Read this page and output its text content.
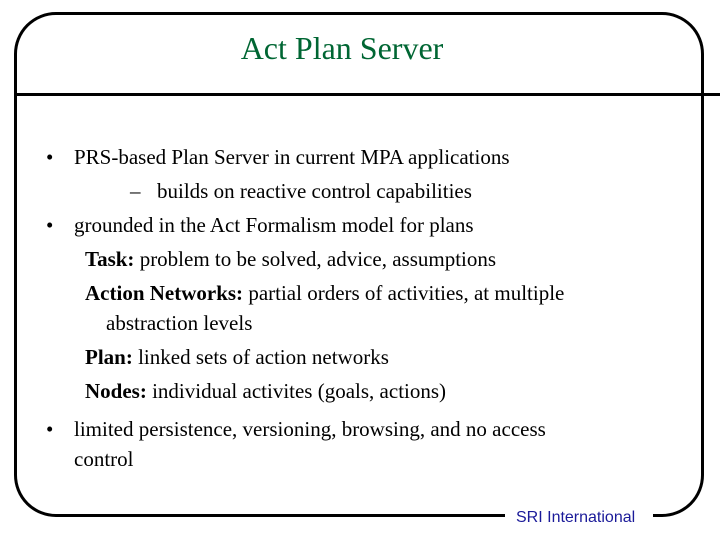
Act Plan Server
• PRS-based Plan Server in current MPA applications
– builds on reactive control capabilities
• grounded in the Act Formalism model for plans
Task: problem to be solved, advice, assumptions
Action Networks: partial orders of activities, at multiple
abstraction levels
Plan: linked sets of action networks
Nodes: individual activites (goals, actions)
• limited persistence, versioning, browsing, and no access
control
SRI International
